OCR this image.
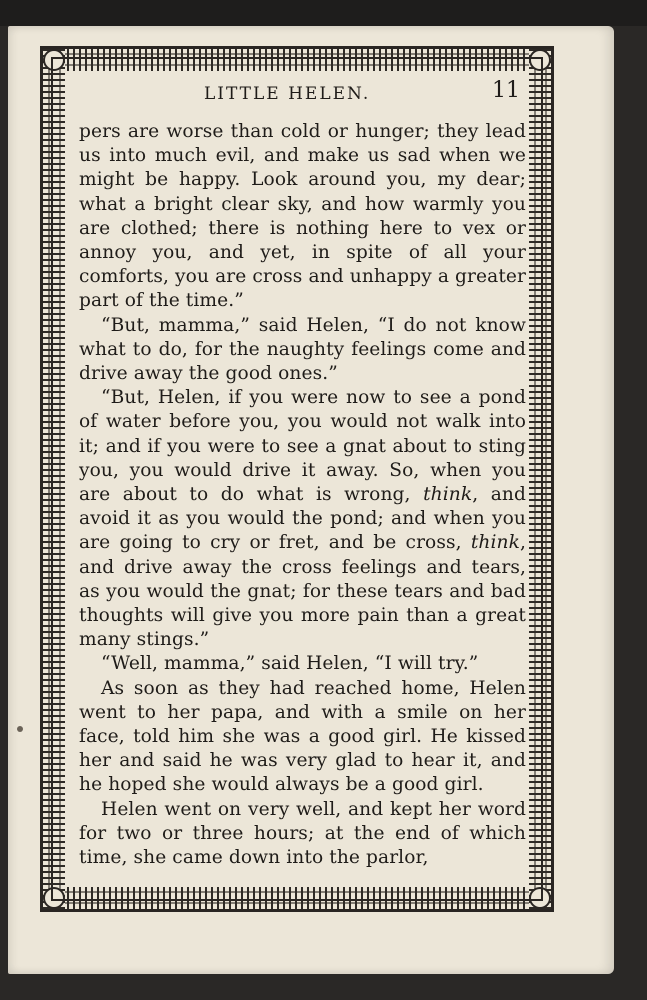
LITTLE HELEN.	11

pers are worse than cold or hunger; they lead us into much evil, and make us sad when we might be happy. Look around you, my dear; what a bright clear sky, and how warmly you are clothed; there is nothing here to vex or annoy you, and yet, in spite of all your comforts, you are cross and unhappy a greater part of the time.”

“But, mamma,” said Helen, “I do not know what to do, for the naughty feelings come and drive away the good ones.”

“But, Helen, if you were now to see a pond of water before you, you would not walk into it; and if you were to see a gnat about to sting you, you would drive it away. So, when you are about to do what is wrong, think, and avoid it as you would the pond; and when you are going to cry or fret, and be cross, think, and drive away the cross feelings and tears, as you would the gnat; for these tears and bad thoughts will give you more pain than a great many stings.”

“Well, mamma,” said Helen, “I will try.”

As soon as they had reached home, Helen went to her papa, and with a smile on her face, told him she was a good girl. He kissed her and said he was very glad to hear it, and he hoped she would always be a good girl.

Helen went on very well, and kept her word for two or three hours; at the end of which time, she came down into the parlor,
